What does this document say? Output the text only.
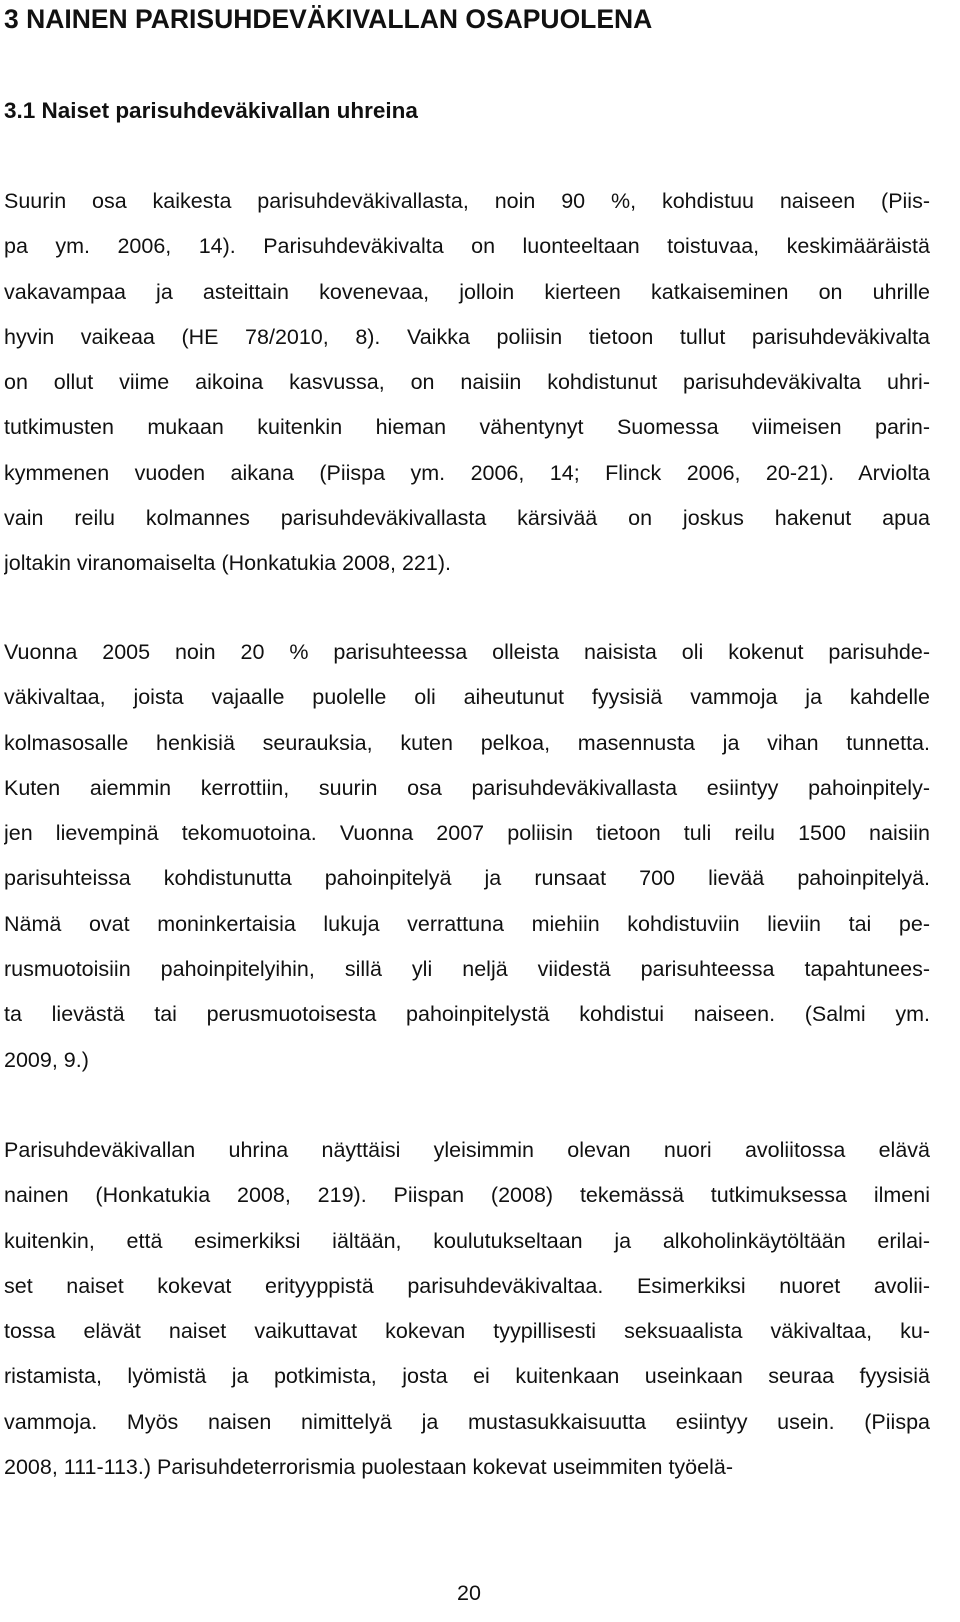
3 NAINEN PARISUHDEVÄKIVALLAN OSAPUOLENA
3.1 Naiset parisuhdeväkivallan uhreina
Suurin osa kaikesta parisuhdeväkivallasta, noin 90 %, kohdistuu naiseen (Piis-
pa ym. 2006, 14). Parisuhdeväkivalta on luonteeltaan toistuvaa, keskimääräistä
vakavampaa ja asteittain kovenevaa, jolloin kierteen katkaiseminen on uhrille
hyvin vaikeaa (HE 78/2010, 8). Vaikka poliisin tietoon tullut parisuhdeväkivalta
on ollut viime aikoina kasvussa, on naisiin kohdistunut parisuhdeväkivalta uhri-
tutkimusten mukaan kuitenkin hieman vähentynyt Suomessa viimeisen parin-
kymmenen vuoden aikana (Piispa ym. 2006, 14; Flinck 2006, 20-21). Arviolta
vain reilu kolmannes parisuhdeväkivallasta kärsivää on joskus hakenut apua
joltakin viranomaiselta (Honkatukia 2008, 221).
Vuonna 2005 noin 20 % parisuhteessa olleista naisista oli kokenut parisuhde-
väkivaltaa, joista vajaalle puolelle oli aiheutunut fyysisiä vammoja ja kahdelle
kolmasosalle henkisiä seurauksia, kuten pelkoa, masennusta ja vihan tunnetta.
Kuten aiemmin kerrottiin, suurin osa parisuhdeväkivallasta esiintyy pahoinpitely-
jen lievempinä tekomuotoina. Vuonna 2007 poliisin tietoon tuli reilu 1500 naisiin
parisuhteissa kohdistunutta pahoinpitelyä ja runsaat 700 lievää pahoinpitelyä.
Nämä ovat moninkertaisia lukuja verrattuna miehiin kohdistuviin lieviin tai pe-
rusmuotoisiin pahoinpitelyihin, sillä yli neljä viidestä parisuhteessa tapahtunees-
ta lievästä tai perusmuotoisesta pahoinpitelystä kohdistui naiseen. (Salmi ym.
2009, 9.)
Parisuhdeväkivallan uhrina näyttäisi yleisimmin olevan nuori avoliitossa elävä
nainen (Honkatukia 2008, 219). Piispan (2008) tekemässä tutkimuksessa ilmeni
kuitenkin, että esimerkiksi iältään, koulutukseltaan ja alkoholinkäytöltään erilai-
set naiset kokevat erityyppistä parisuhdeväkivaltaa. Esimerkiksi nuoret avolii-
tossa elävät naiset vaikuttavat kokevan tyypillisesti seksuaalista väkivaltaa, ku-
ristamista, lyömistä ja potkimista, josta ei kuitenkaan useinkaan seuraa fyysisiä
vammoja. Myös naisen nimittelyä ja mustasukkaisuutta esiintyy usein. (Piispa
2008, 111-113.) Parisuhdeterrorismia puolestaan kokevat useimmiten työelä-
20
